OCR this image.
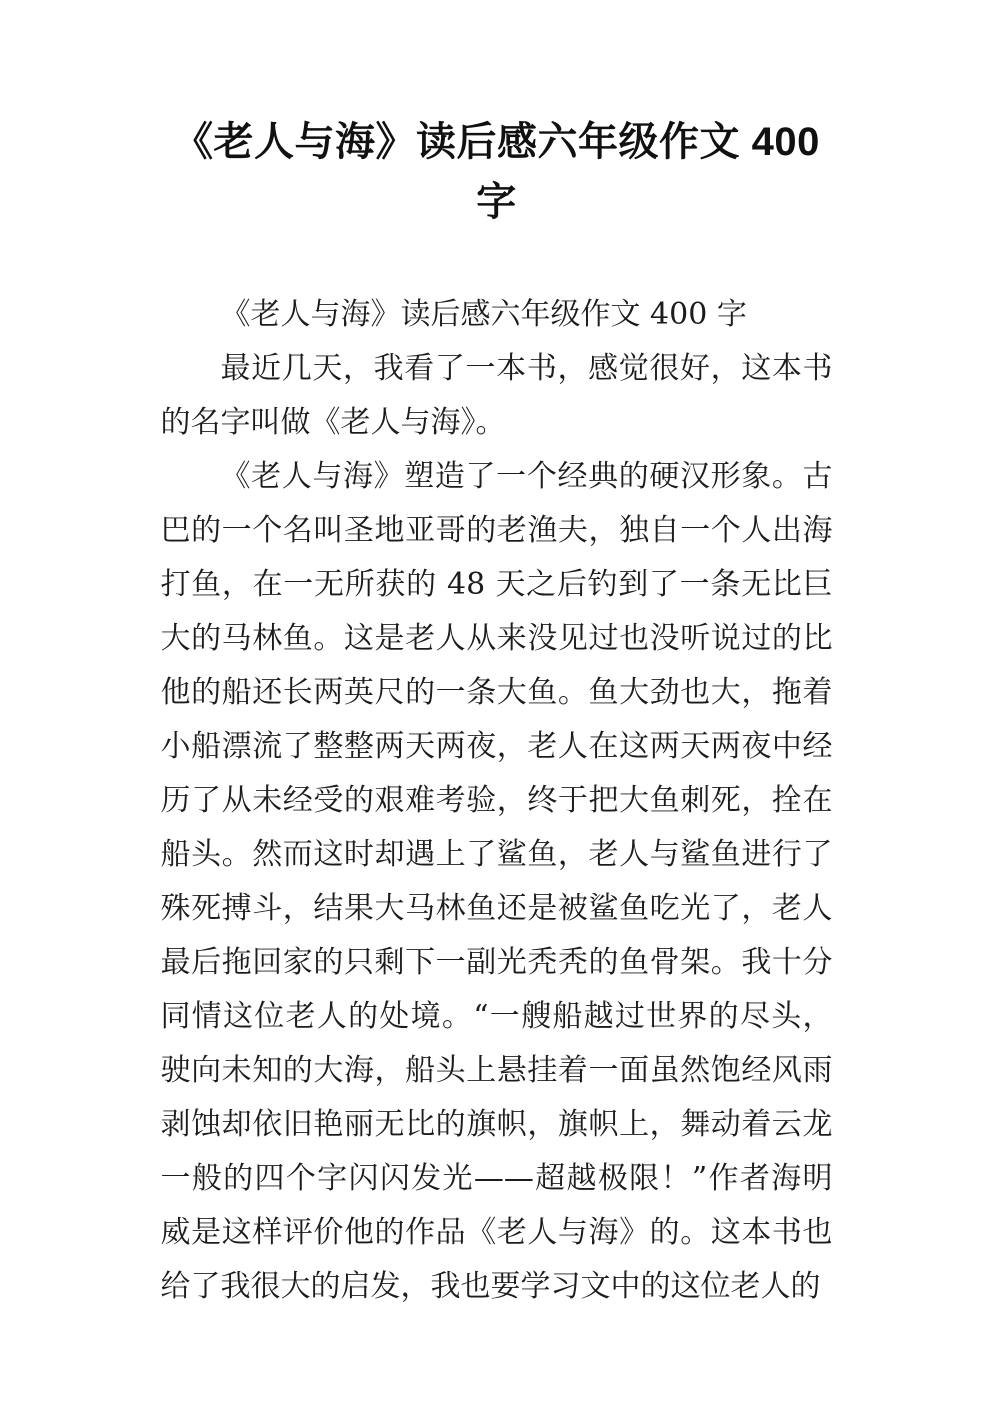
《老人与海》读后感六年级作文 400 字

《老人与海》读后感六年级作文 400 字

最近几天，我看了一本书，感觉很好，这本书的名字叫做《老人与海》。

《老人与海》塑造了一个经典的硬汉形象。古巴的一个名叫圣地亚哥的老渔夫，独自一个人出海打鱼，在一无所获的 48 天之后钓到了一条无比巨大的马林鱼。这是老人从来没见过也没听说过的比他的船还长两英尺的一条大鱼。鱼大劲也大，拖着小船漂流了整整两天两夜，老人在这两天两夜中经历了从未经受的艰难考验，终于把大鱼刺死，拴在船头。然而这时却遇上了鲨鱼，老人与鲨鱼进行了殊死搏斗，结果大马林鱼还是被鲨鱼吃光了，老人最后拖回家的只剩下一副光秃秃的鱼骨架。我十分同情这位老人的处境。“一艘船越过世界的尽头，驶向未知的大海，船头上悬挂着一面虽然饱经风雨剥蚀却依旧艳丽无比的旗帜，旗帜上，舞动着云龙一般的四个字闪闪发光——超越极限！”作者海明威是这样评价他的作品《老人与海》的。这本书也给了我很大的启发，我也要学习文中的这位老人的
